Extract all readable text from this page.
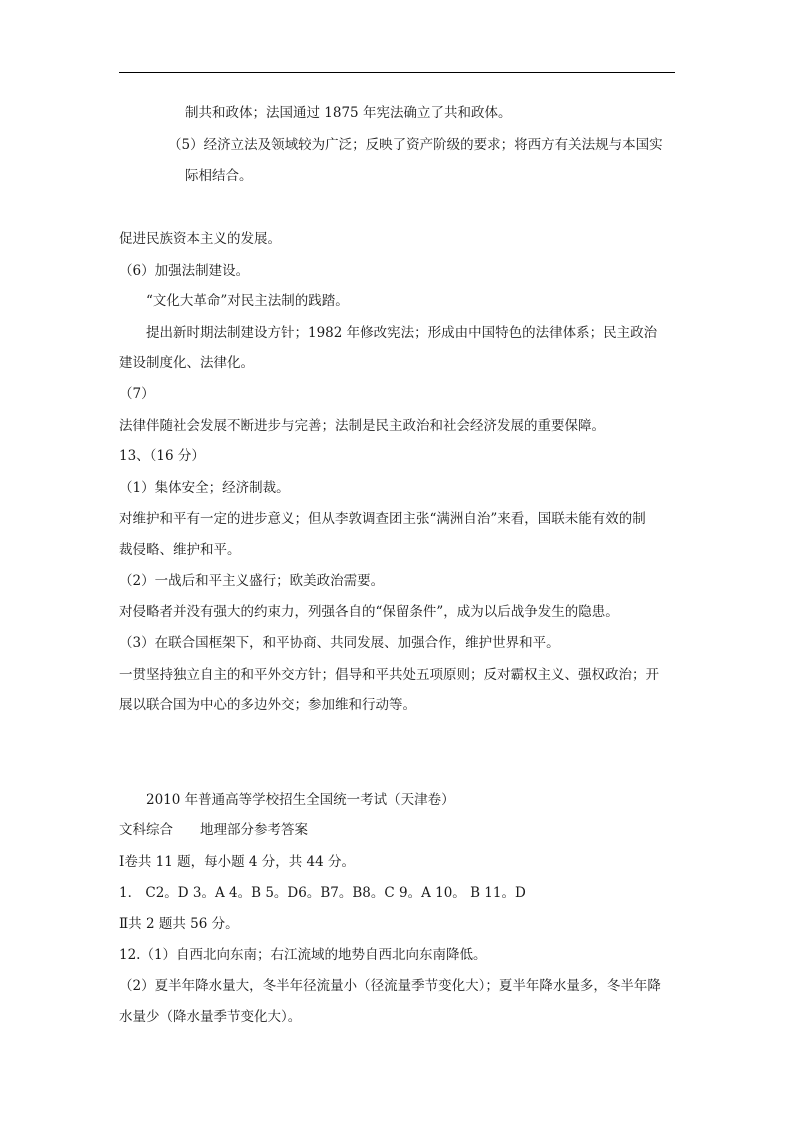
制共和政体；法国通过 1875 年宪法确立了共和政体。
（5）经济立法及领域较为广泛；反映了资产阶级的要求；将西方有关法规与本国实
际相结合。
促进民族资本主义的发展。
（6）加强法制建设。
“文化大革命”对民主法制的践踏。
提出新时期法制建设方针；1982 年修改宪法；形成由中国特色的法律体系；民主政治
建设制度化、法律化。
（7）
法律伴随社会发展不断进步与完善；法制是民主政治和社会经济发展的重要保障。
13、（16 分）
（1）集体安全；经济制裁。
对维护和平有一定的进步意义；但从李敦调查团主张“满洲自治”来看，国联未能有效的制
裁侵略、维护和平。
（2）一战后和平主义盛行；欧美政治需要。
对侵略者并没有强大的约束力，列强各自的“保留条件”，成为以后战争发生的隐患。
（3）在联合国框架下，和平协商、共同发展、加强合作，维护世界和平。
一贯坚持独立自主的和平外交方针；倡导和平共处五项原则；反对霸权主义、强权政治；开
展以联合国为中心的多边外交；参加维和行动等。
2010 年普通高等学校招生全国统一考试（天津卷）
文科综合　　地理部分参考答案
Ⅰ卷共 11 题，每小题 4 分，共 44 分。
1． C2。D 3。A 4。B 5。D6。B7。B8。C 9。A 10。 B 11。D
Ⅱ共 2 题共 56 分。
12.（1）自西北向东南；右江流域的地势自西北向东南降低。
（2）夏半年降水量大，冬半年径流量小（径流量季节变化大）；夏半年降水量多，冬半年降
水量少（降水量季节变化大）。
